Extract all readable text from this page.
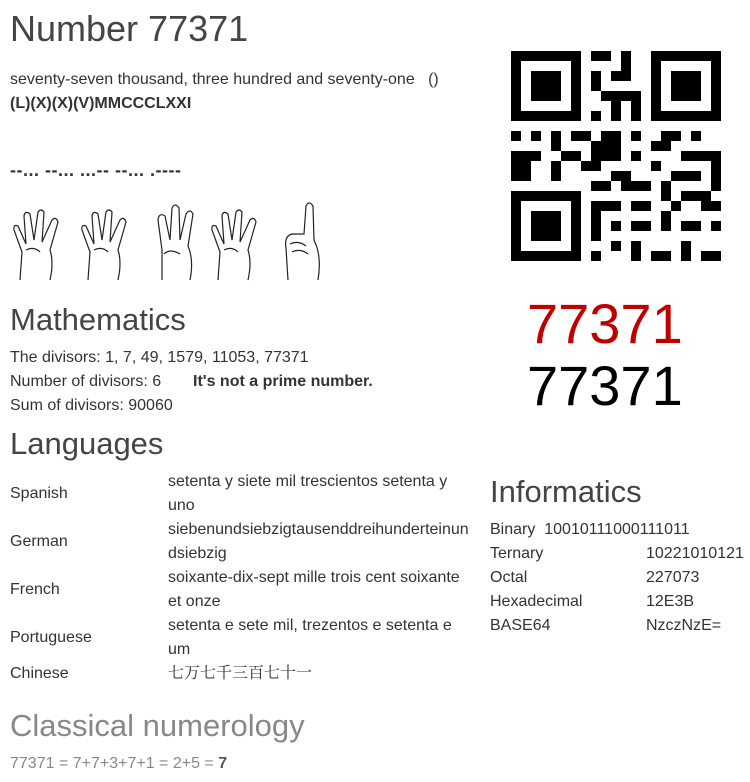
Number 77371
seventy-seven thousand, three hundred and seventy-one ()
(L)(X)(X)(V)MMCCCLXXI
--... --... ...-- --... .----
77371
77371
Mathematics
The divisors: 1, 7, 49, 1579, 11053, 77371
Number of divisors: 6 It's not a prime number.
Sum of divisors: 90060
Languages
Spanish	setenta y siete mil trescientos setenta y uno
German	siebenundsiebzigtausenddreihunderteinundsiebzig
French	soixante-dix-sept mille trois cent soixante et onze
Portuguese	setenta e sete mil, trezentos e setenta e um
Chinese	七万七千三百七十一
Informatics
Binary 10010111000111011
Ternary	10221010121
Octal	227073
Hexadecimal	12E3B
BASE64	NzczNzE=
Classical numerology
77371 = 7+7+3+7+1 = 2+5 = 7
